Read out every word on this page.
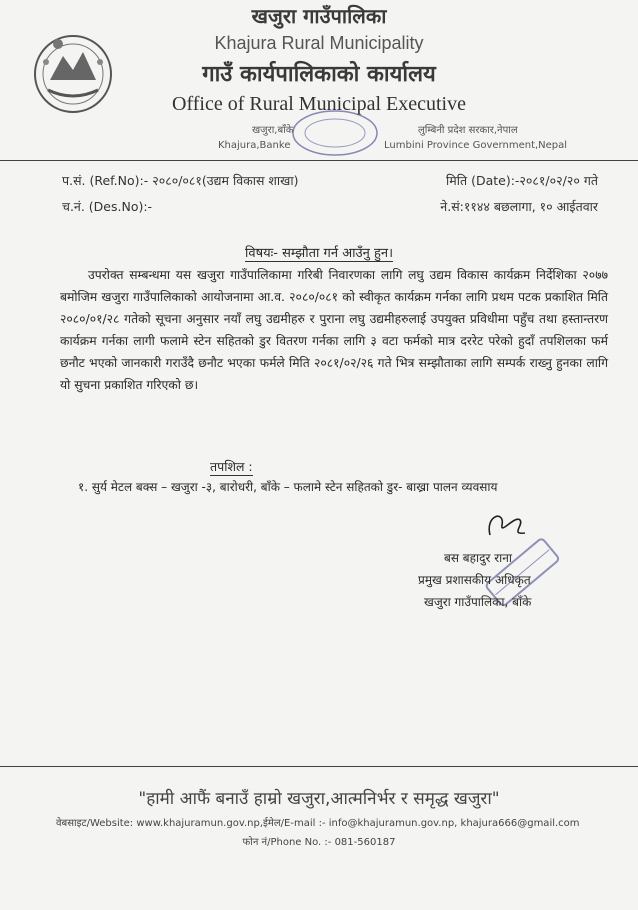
खजुरा गाउँपालिका
Khajura Rural Municipality
गाउँ कार्यपालिकाको कार्यालय
Office of Rural Municipal Executive
खजुरा,बाँके
Khajura,Banke
लुम्बिनी प्रदेश सरकार,नेपाल
Lumbini Province Government,Nepal
प.सं. (Ref.No):- २०८०/०८१(उद्यम विकास शाखा)
च.नं. (Des.No):-
मिति (Date):-२०८१/०२/२० गते
ने.सं:११४४ बछलागा, १० आईतवार
विषयः- सम्झौता गर्न आउँनु हुन।
उपरोक्त सम्बन्धमा यस खजुरा गाउँपालिकामा गरिबी निवारणका लागि लघु उद्यम विकास कार्यक्रम निर्देशिका २०७७ बमोजिम खजुरा गाउँपालिकाको आयोजनामा आ.व. २०८०/०८१ को स्वीकृत कार्यक्रम गर्नका लागि प्रथम पटक प्रकाशित मिति २०८०/०१/२८ गतेको सूचना अनुसार नयाँ लघु उद्यमीहरु र पुराना लघु उद्यमीहरुलाई उपयुक्त प्रविधीमा पहुँच तथा हस्तान्तरण कार्यक्रम गर्नका लागी फलामे स्टेन सहितको डुर वितरण गर्नका लागि ३ वटा फर्मको मात्र दररेट परेको हुदाँ तपशिलका फर्म छनौट भएको जानकारी गराउँदै छनौट भएका फर्मले मिति २०८१/०२/२६ गते भित्र सम्झौताका लागि सम्पर्क राख्नु हुनका लागि यो सुचना प्रकाशित गरिएको छ।
तपशिल :
१. सुर्य मेटल बक्स – खजुरा -३, बारोधरी, बाँके – फलामे स्टेन सहितको डुर- बाख्रा पालन व्यवसाय
बस बहादुर राना
प्रमुख प्रशासकीय अधिकृत
खजुरा गाउँपालिका, बाँके
"हामी आफैं बनाउँ हाम्रो खजुरा,आत्मनिर्भर र समृद्ध खजुरा"
वेबसाइट/Website: www.khajuramun.gov.np,ईमेल/E-mail :- info@khajuramun.gov.np, khajura666@gmail.com
फोन नं/Phone No. :- 081-560187
